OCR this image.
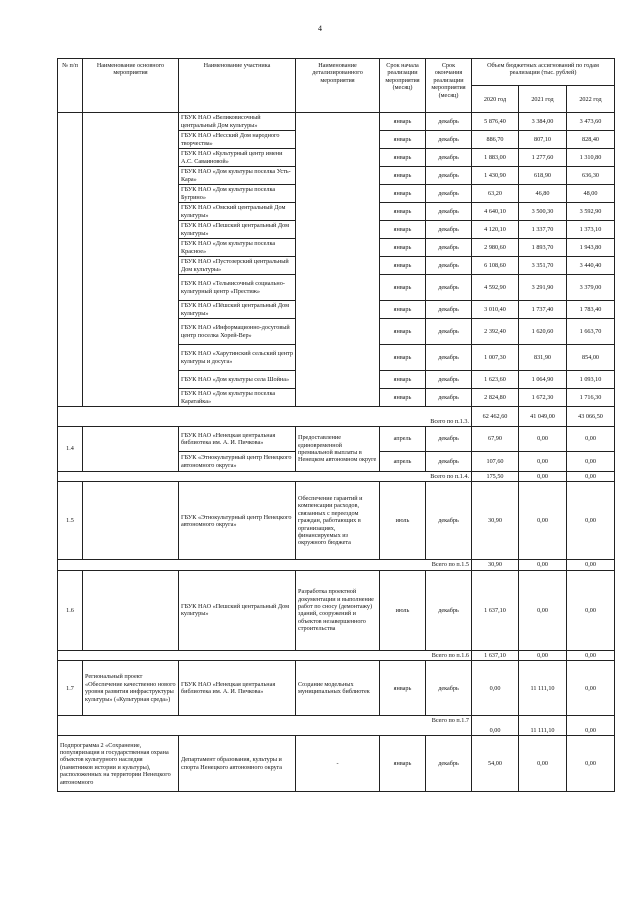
4
№ п/п	Наименование основного мероприятия	Наименование участника	Наименование детализированного мероприятия	Срок начала реализации мероприятия (месяц)	Срок окончания реализации мероприятия (месяц)	Объем бюджетных ассигнований по годам реализации (тыс. рублей)		
						2020 год	2021 год	2022 год
		ГБУК НАО «Великовисочный центральный Дом культуры»		январь	декабрь	5 876,40	3 384,00	3 473,60
		ГБУК НАО «Несский Дом народного творчества»		январь	декабрь	886,70	807,10	828,40
		ГБУК НАО «Культурный центр имени А.С. Саваиновой»		январь	декабрь	1 883,00	1 277,60	1 310,80
		ГБУК НАО «Дом культуры поселка Усть-Кара»		январь	декабрь	1 430,90	618,90	636,30
		ГБУК НАО «Дом культуры поселка Бугрино»		январь	декабрь	63,20	46,80	48,00
		ГБУК НАО «Омский центральный Дом культуры»		январь	декабрь	4 640,10	3 500,30	3 592,90
		ГБУК НАО «Пешский центральный Дом культуры»		январь	декабрь	4 120,10	1 337,70	1 373,10
		ГБУК НАО «Дом культуры поселка Красное»		январь	декабрь	2 980,60	1 893,70	1 943,80
		ГБУК НАО «Пустозерский центральный Дом культуры»		январь	декабрь	6 108,60	3 351,70	3 440,40
		ГБУК НАО «Тельвисочный социально-культурный центр «Престиж»		январь	декабрь	4 592,90	3 291,90	3 379,00
		ГБУК НАО «Пёшский центральный Дом культуры»		январь	декабрь	3 010,40	1 737,40	1 783,40
		ГБУК НАО «Информационно-досуговый центр поселка Хорей-Вер»		январь	декабрь	2 392,40	1 620,60	1 663,70
		ГБУК НАО «Харутинский сельский центр культуры и досуга»		январь	декабрь	1 007,30	831,90	854,00
		ГБУК НАО «Дом культуры села Шойна»		январь	декабрь	1 623,60	1 064,90	1 093,10
		ГБУК НАО «Дом культуры поселка Каратайка»		январь	декабрь	2 824,80	1 672,30	1 716,30
Всего по п.1.3.						62 462,60	41 049,00	43 066,50
1.4		ГБУК НАО «Ненецкая центральная библиотека им. А. И. Пичкова»	Предоставление единовременной премиальной выплаты в Ненецком автономном округе	апрель	декабрь	67,90	0,00	0,00
		ГБУК «Этнокультурный центр Ненецкого автономного округа»		апрель	декабрь	107,60	0,00	0,00
Всего по п.1.4.						175,50	0,00	0,00
1.5		ГБУК «Этнокультурный центр Ненецкого автономного округа»	Обеспечение гарантий и компенсации расходов, связанных с переездом граждан, работающих в организациях, финансируемых из окружного бюджета	июль	декабрь	30,90	0,00	0,00
Всего по п.1.5						30,90	0,00	0,00
1.6		ГБУК НАО «Пешский центральный Дом культуры»	Разработка проектной документации и выполнение работ по сносу (демонтажу) зданий, сооружений и объектов незавершенного строительства	июль	декабрь	1 637,10	0,00	0,00
Всего по п.1.6						1 637,10	0,00	0,00
1.7	Региональный проект «Обеспечение качественно нового уровня развития инфраструктуры культуры» («Культурная среда»)	ГБУК НАО «Ненецкая центральная библиотека им. А. И. Пичкова»	Создание модельных муниципальных библиотек	январь	декабрь	0,00	11 111,10	0,00
Всего по п.1.7						0,00	11 111,10	0,00
Подпрограмма 2 «Сохранение, популяризация и государственная охрана объектов культурного наследия (памятников истории и культуры), расположенных на территории Ненецкого автономного		Департамент образования, культуры и спорта Ненецкого автономного округа	-	январь	декабрь	54,00	0,00	0,00
